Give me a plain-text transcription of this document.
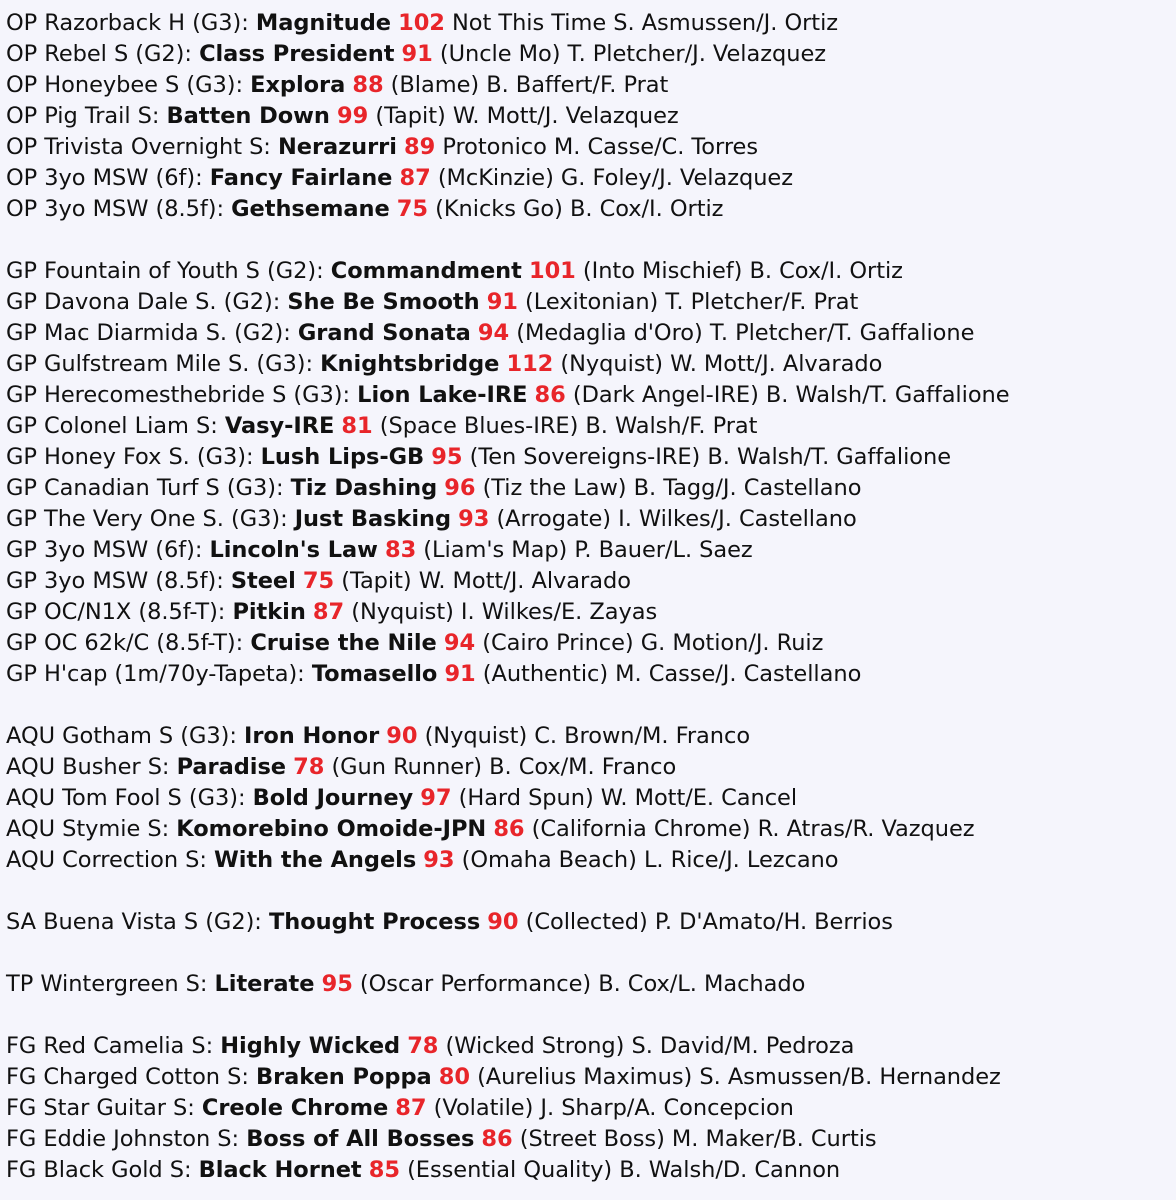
OP Razorback H (G3): Magnitude 102 Not This Time S. Asmussen/J. Ortiz
OP Rebel S (G2): Class President 91 (Uncle Mo) T. Pletcher/J. Velazquez
OP Honeybee S (G3): Explora 88 (Blame) B. Baffert/F. Prat
OP Pig Trail S: Batten Down 99 (Tapit) W. Mott/J. Velazquez
OP Trivista Overnight S: Nerazurri 89 Protonico M. Casse/C. Torres
OP 3yo MSW (6f): Fancy Fairlane 87 (McKinzie) G. Foley/J. Velazquez
OP 3yo MSW (8.5f): Gethsemane 75 (Knicks Go) B. Cox/I. Ortiz
GP Fountain of Youth S (G2): Commandment 101 (Into Mischief) B. Cox/I. Ortiz
GP Davona Dale S. (G2): She Be Smooth 91 (Lexitonian) T. Pletcher/F. Prat
GP Mac Diarmida S. (G2): Grand Sonata 94 (Medaglia d'Oro) T. Pletcher/T. Gaffalione
GP Gulfstream Mile S. (G3): Knightsbridge 112 (Nyquist) W. Mott/J. Alvarado
GP Herecomesthebride S (G3): Lion Lake-IRE 86 (Dark Angel-IRE) B. Walsh/T. Gaffalione
GP Colonel Liam S: Vasy-IRE 81 (Space Blues-IRE) B. Walsh/F. Prat
GP Honey Fox S. (G3): Lush Lips-GB 95 (Ten Sovereigns-IRE) B. Walsh/T. Gaffalione
GP Canadian Turf S (G3): Tiz Dashing 96 (Tiz the Law) B. Tagg/J. Castellano
GP The Very One S. (G3): Just Basking 93 (Arrogate) I. Wilkes/J. Castellano
GP 3yo MSW (6f): Lincoln's Law 83 (Liam's Map) P. Bauer/L. Saez
GP 3yo MSW (8.5f): Steel 75 (Tapit) W. Mott/J. Alvarado
GP OC/N1X (8.5f-T): Pitkin 87 (Nyquist) I. Wilkes/E. Zayas
GP OC 62k/C (8.5f-T): Cruise the Nile 94 (Cairo Prince) G. Motion/J. Ruiz
GP H'cap (1m/70y-Tapeta): Tomasello 91 (Authentic) M. Casse/J. Castellano
AQU Gotham S (G3): Iron Honor 90 (Nyquist) C. Brown/M. Franco
AQU Busher S: Paradise 78 (Gun Runner) B. Cox/M. Franco
AQU Tom Fool S (G3): Bold Journey 97 (Hard Spun) W. Mott/E. Cancel
AQU Stymie S: Komorebino Omoide-JPN 86 (California Chrome) R. Atras/R. Vazquez
AQU Correction S: With the Angels 93 (Omaha Beach) L. Rice/J. Lezcano
SA Buena Vista S (G2): Thought Process 90 (Collected) P. D'Amato/H. Berrios
TP Wintergreen S: Literate 95 (Oscar Performance) B. Cox/L. Machado
FG Red Camelia S: Highly Wicked 78 (Wicked Strong) S. David/M. Pedroza
FG Charged Cotton S: Braken Poppa 80 (Aurelius Maximus) S. Asmussen/B. Hernandez
FG Star Guitar S: Creole Chrome 87 (Volatile) J. Sharp/A. Concepcion
FG Eddie Johnston S: Boss of All Bosses 86 (Street Boss) M. Maker/B. Curtis
FG Black Gold S: Black Hornet 85 (Essential Quality) B. Walsh/D. Cannon
